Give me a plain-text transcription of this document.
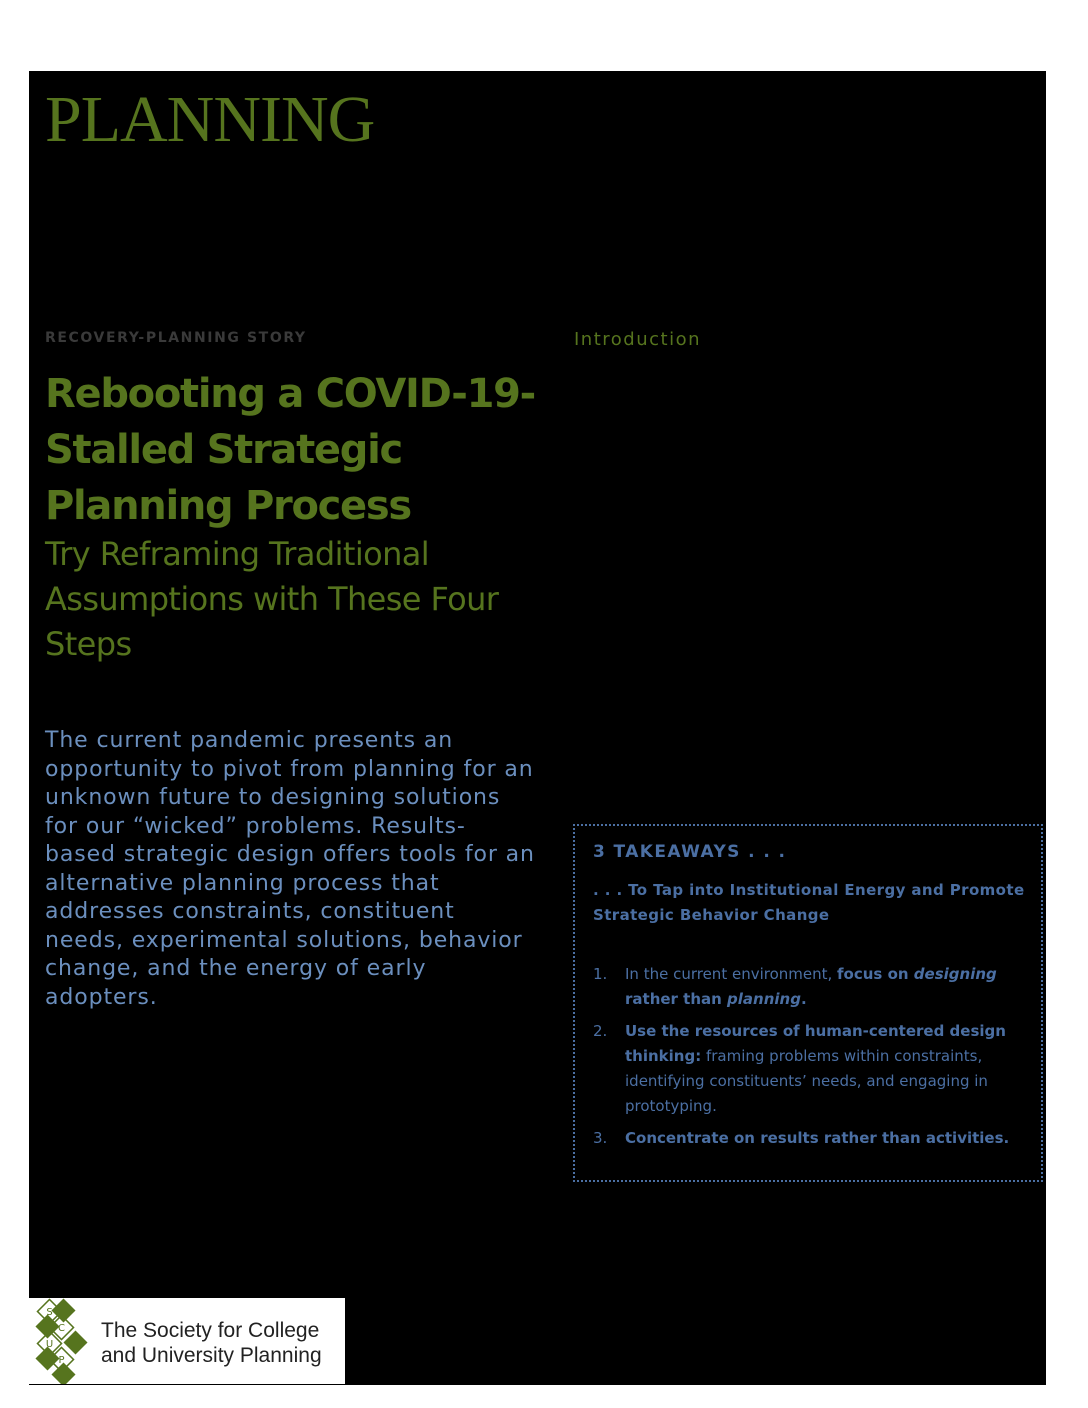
PLANNING
RECOVERY-PLANNING STORY	Introduction
Rebooting a COVID-19-Stalled Strategic Planning Process
Try Reframing Traditional Assumptions with These Four Steps

The current pandemic presents an opportunity to pivot from planning for an unknown future to designing solutions for our “wicked” problems. Results-based strategic design offers tools for an alternative planning process that addresses constraints, constituent needs, experimental solutions, behavior change, and the energy of early adopters.

3 TAKEAWAYS . . .
. . . To Tap into Institutional Energy and Promote Strategic Behavior Change
1. In the current environment, focus on designing rather than planning.
2. Use the resources of human-centered design thinking: framing problems within constraints, identifying constituents’ needs, and engaging in prototyping.
3. Concentrate on results rather than activities.
S
C
U
P
The Society for College
and University Planning
